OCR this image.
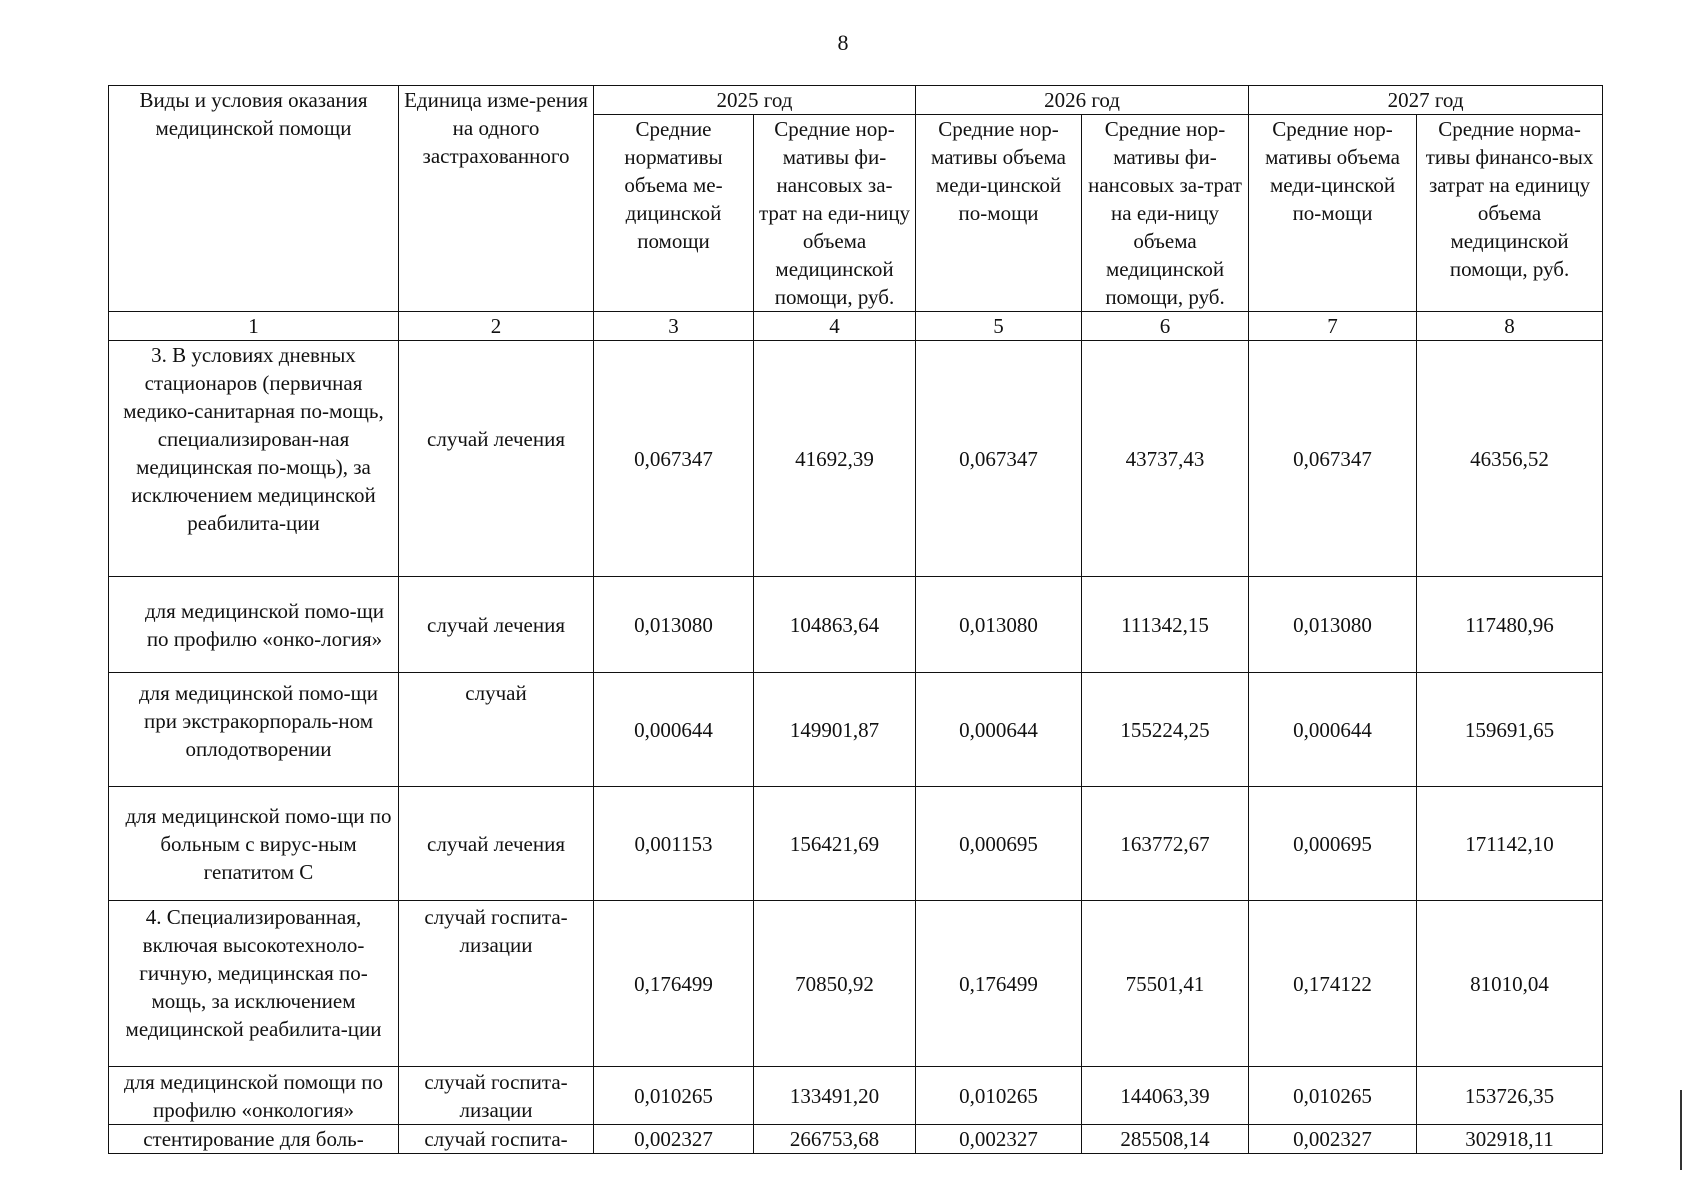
8
Виды и условия оказания медицинской помощи	Единица изме-рения на одного застрахованного	2025 год		2026 год		2027 год	
		Средние нормативы объема ме-дицинской помощи	Средние нор-мативы фи-нансовых за-трат на еди-ницу объема медицинской помощи, руб.	Средние нор-мативы объема меди-цинской по-мощи	Средние нор-мативы фи-нансовых за-трат на еди-ницу объема медицинской помощи, руб.	Средние нор-мативы объема меди-цинской по-мощи	Средние норма-тивы финансо-вых затрат на единицу объема медицинской помощи, руб.
1	2	3	4	5	6	7	8
3. В условиях дневных стационаров (первичная медико-санитарная по-мощь, специализирован-ная медицинская по-мощь), за исключением медицинской реабилита-ции	случай лечения	0,067347	41692,39	0,067347	43737,43	0,067347	46356,52
для медицинской помо-щи по профилю «онко-логия»	случай лечения	0,013080	104863,64	0,013080	111342,15	0,013080	117480,96
для медицинской помо-щи при экстракорпораль-ном оплодотворении	случай	0,000644	149901,87	0,000644	155224,25	0,000644	159691,65
для медицинской помо-щи по больным с вирус-ным гепатитом С	случай лечения	0,001153	156421,69	0,000695	163772,67	0,000695	171142,10
4. Специализированная, включая высокотехноло-гичную, медицинская по-мощь, за исключением медицинской реабилита-ции	случай госпита-лизации	0,176499	70850,92	0,176499	75501,41	0,174122	81010,04
для медицинской помощи по профилю «онкология»	случай госпита-лизации	0,010265	133491,20	0,010265	144063,39	0,010265	153726,35
стентирование для боль-	случай госпита-	0,002327	266753,68	0,002327	285508,14	0,002327	302918,11
